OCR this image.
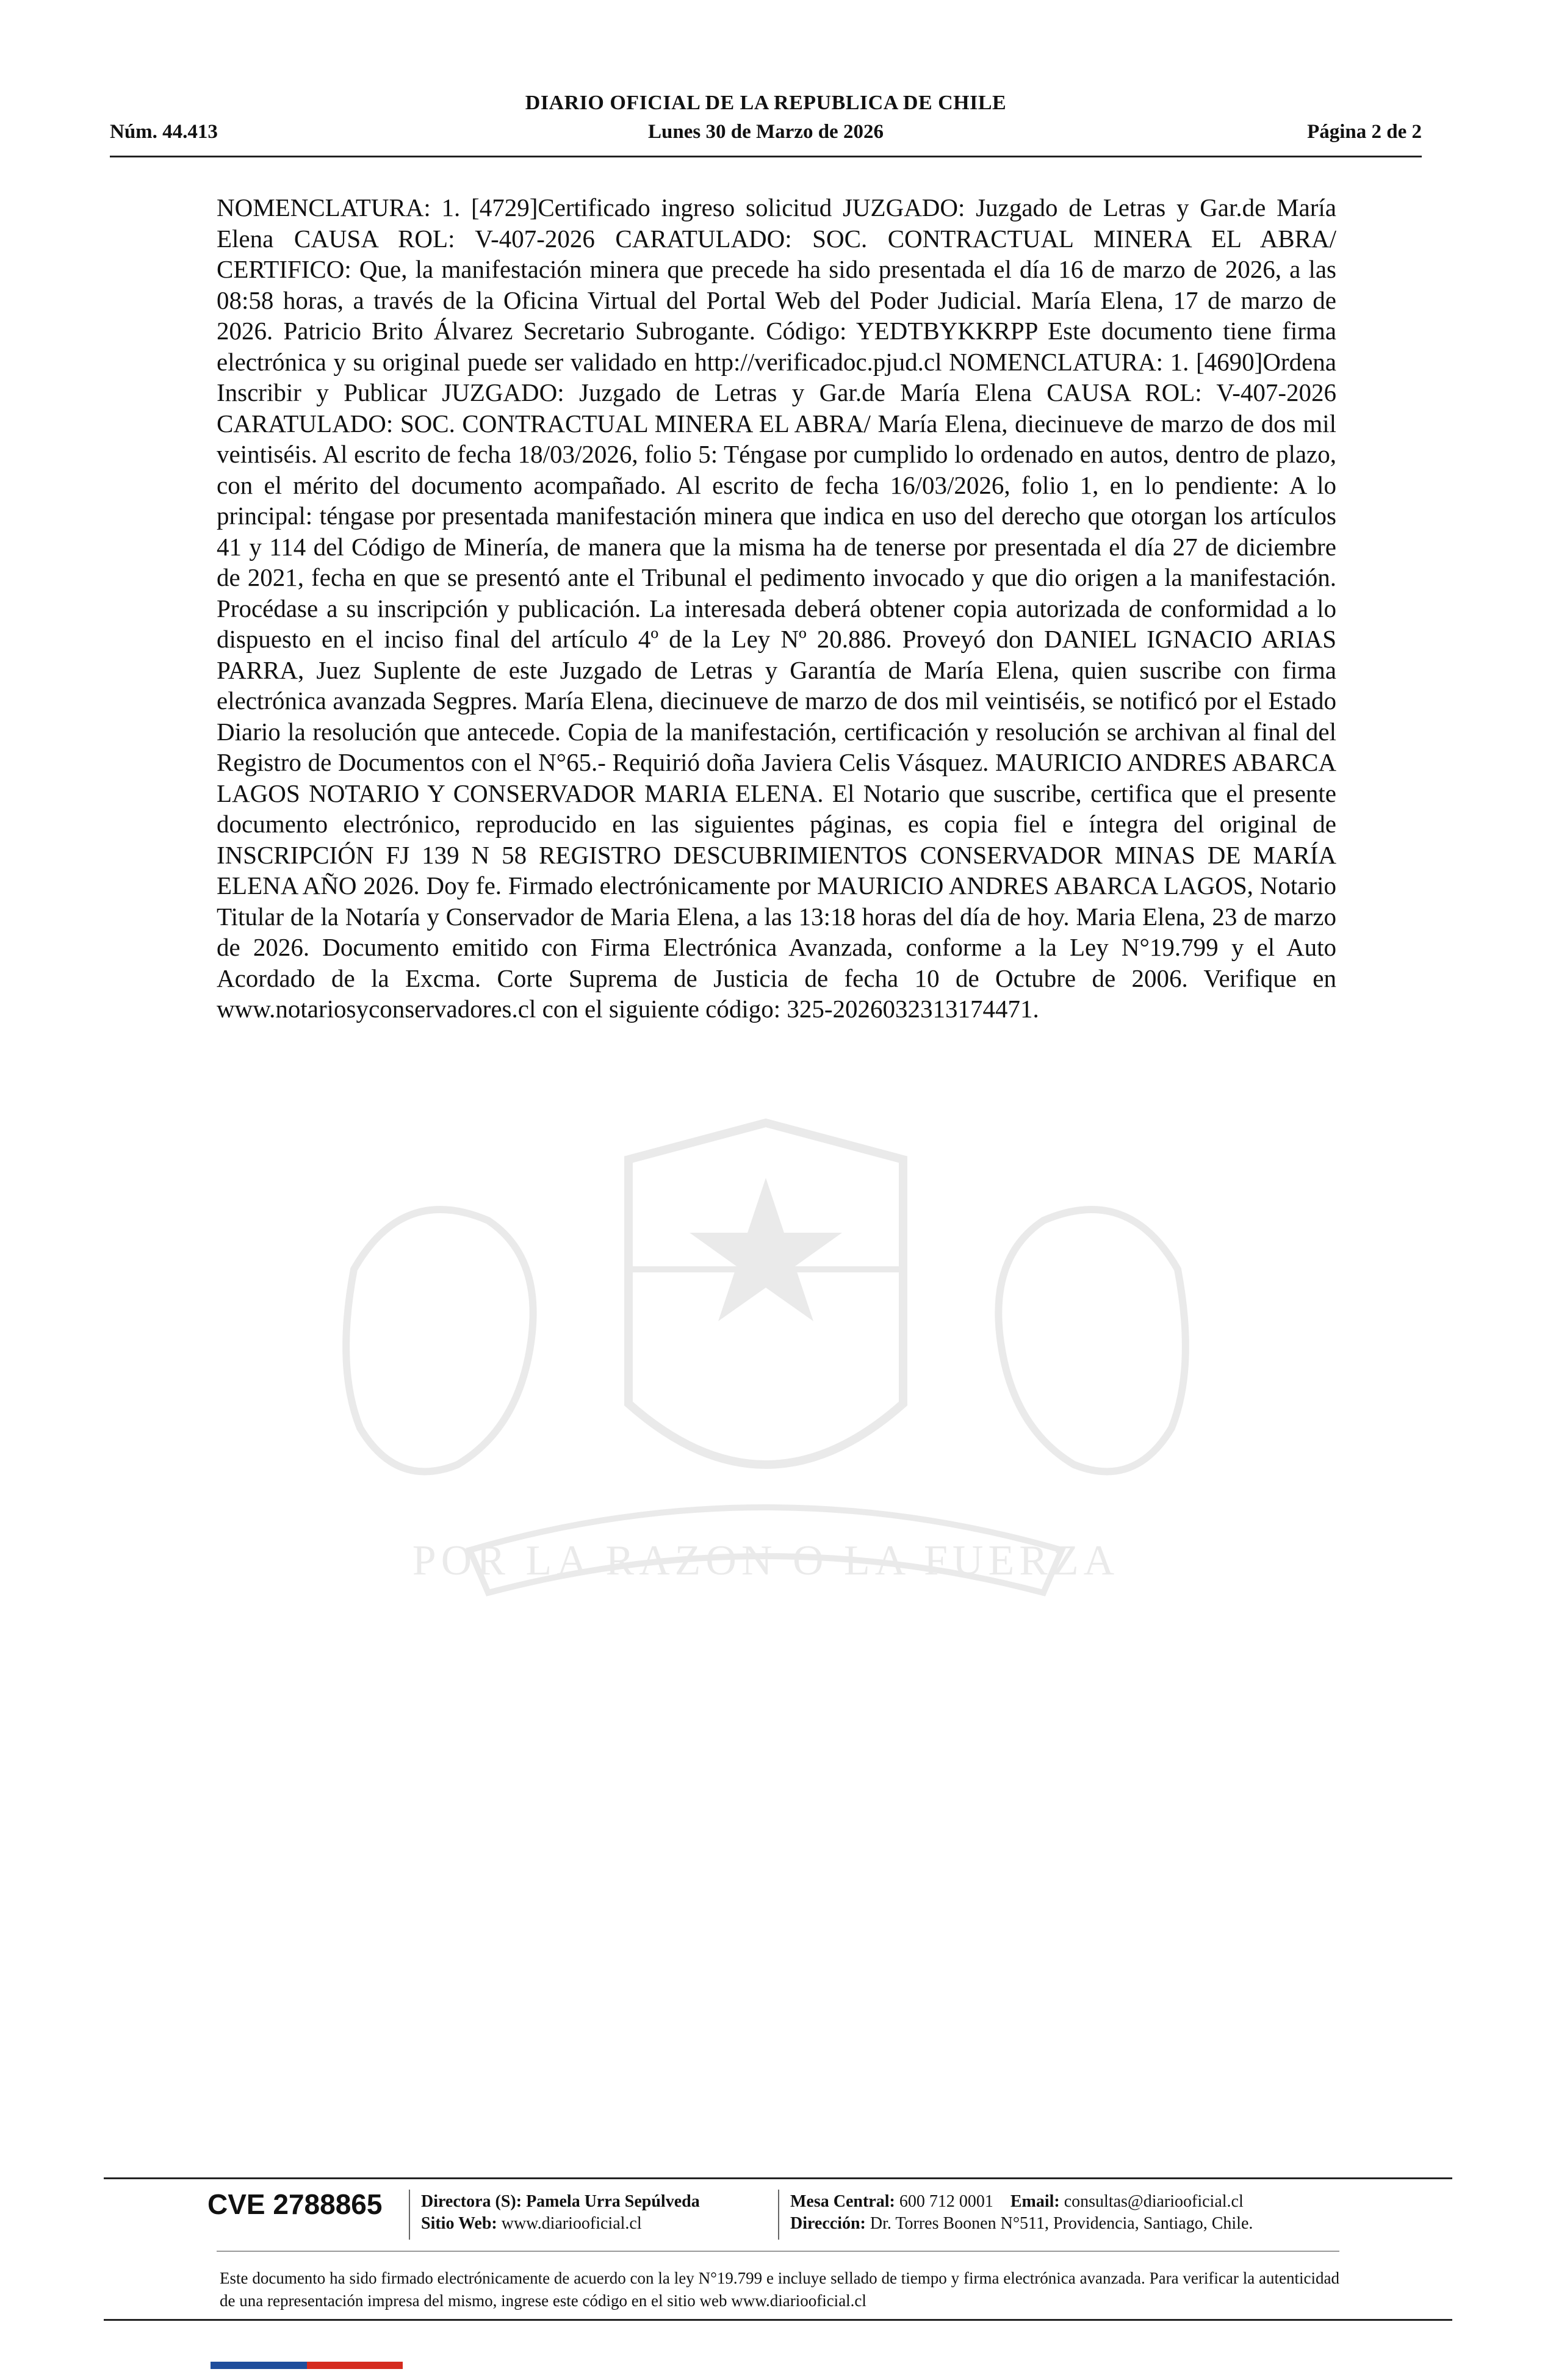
DIARIO OFICIAL DE LA REPUBLICA DE CHILE
Núm. 44.413	Lunes 30 de Marzo de 2026	Página 2 de 2
POR LA RAZON O LA FUERZA
NOMENCLATURA: 1. [4729]Certificado ingreso solicitud JUZGADO: Juzgado de Letras y Gar.de María Elena CAUSA ROL: V-407-2026 CARATULADO: SOC. CONTRACTUAL MINERA EL ABRA/ CERTIFICO: Que, la manifestación minera que precede ha sido presentada el día 16 de marzo de 2026, a las 08:58 horas, a través de la Oficina Virtual del Portal Web del Poder Judicial. María Elena, 17 de marzo de 2026. Patricio Brito Álvarez Secretario Subrogante. Código: YEDTBYKKRPP Este documento tiene firma electrónica y su original puede ser validado en http://verificadoc.pjud.cl NOMENCLATURA: 1. [4690]Ordena Inscribir y Publicar JUZGADO: Juzgado de Letras y Gar.de María Elena CAUSA ROL: V-407-2026 CARATULADO: SOC. CONTRACTUAL MINERA EL ABRA/ María Elena, diecinueve de marzo de dos mil veintiséis. Al escrito de fecha 18/03/2026, folio 5: Téngase por cumplido lo ordenado en autos, dentro de plazo, con el mérito del documento acompañado. Al escrito de fecha 16/03/2026, folio 1, en lo pendiente: A lo principal: téngase por presentada manifestación minera que indica en uso del derecho que otorgan los artículos 41 y 114 del Código de Minería, de manera que la misma ha de tenerse por presentada el día 27 de diciembre de 2021, fecha en que se presentó ante el Tribunal el pedimento invocado y que dio origen a la manifestación. Procédase a su inscripción y publicación. La interesada deberá obtener copia autorizada de conformidad a lo dispuesto en el inciso final del artículo 4º de la Ley Nº 20.886. Proveyó don DANIEL IGNACIO ARIAS PARRA, Juez Suplente de este Juzgado de Letras y Garantía de María Elena, quien suscribe con firma electrónica avanzada Segpres. María Elena, diecinueve de marzo de dos mil veintiséis, se notificó por el Estado Diario la resolución que antecede. Copia de la manifestación, certificación y resolución se archivan al final del Registro de Documentos con el N°65.- Requirió doña Javiera Celis Vásquez. MAURICIO ANDRES ABARCA LAGOS NOTARIO Y CONSERVADOR MARIA ELENA. El Notario que suscribe, certifica que el presente documento electrónico, reproducido en las siguientes páginas, es copia fiel e íntegra del original de INSCRIPCIÓN FJ 139 N 58 REGISTRO DESCUBRIMIENTOS CONSERVADOR MINAS DE MARÍA ELENA AÑO 2026. Doy fe. Firmado electrónicamente por MAURICIO ANDRES ABARCA LAGOS, Notario Titular de la Notaría y Conservador de Maria Elena, a las 13:18 horas del día de hoy. Maria Elena, 23 de marzo de 2026. Documento emitido con Firma Electrónica Avanzada, conforme a la Ley N°19.799 y el Auto Acordado de la Excma. Corte Suprema de Justicia de fecha 10 de Octubre de 2006. Verifique en www.notariosyconservadores.cl con el siguiente código: 325-2026032313174471.
CVE 2788865 Directora (S): Pamela Urra Sepúlveda
Sitio Web: www.diariooficial.cl
Mesa Central: 600 712 0001 Email: consultas@diariooficial.cl
Dirección: Dr. Torres Boonen N°511, Providencia, Santiago, Chile.
Este documento ha sido firmado electrónicamente de acuerdo con la ley N°19.799 e incluye sellado de tiempo y firma electrónica avanzada. Para verificar la autenticidad de una representación impresa del mismo, ingrese este código en el sitio web www.diariooficial.cl
